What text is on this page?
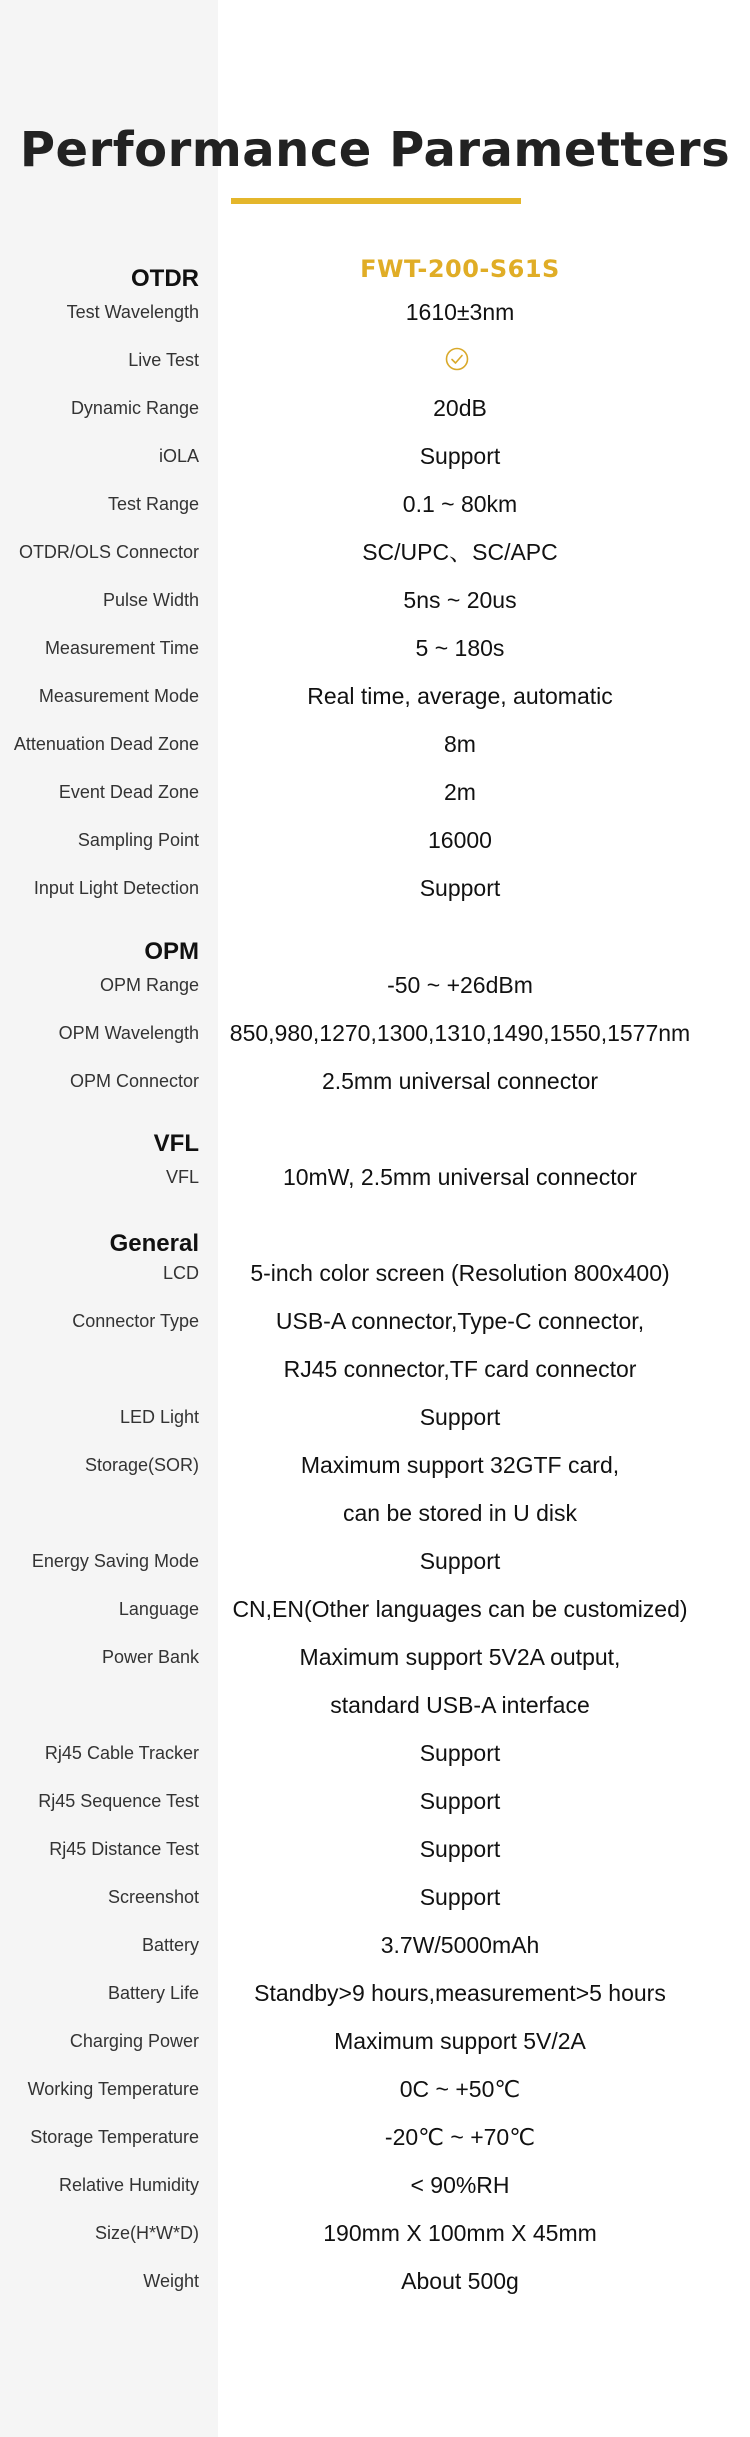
Performance Parametters
FWT-200-S61S
OTDR
OPM
VFL
General
Test Wavelength	1610±3nm
Live Test
Dynamic Range	20dB
iOLA	Support
Test Range	0.1 ~ 80km
OTDR/OLS Connector	SC/UPC、SC/APC
Pulse Width	5ns ~ 20us
Measurement Time	5 ~ 180s
Measurement Mode	Real time, average, automatic
Attenuation Dead Zone	8m
Event Dead Zone	2m
Sampling Point	16000
Input Light Detection	Support
OPM Range	-50 ~ +26dBm
OPM Wavelength	850,980,1270,1300,1310,1490,1550,1577nm
OPM Connector	2.5mm universal connector
VFL	10mW, 2.5mm universal connector
LCD	5-inch color screen (Resolution 800x400)
Connector Type	USB-A connector,Type-C connector,
RJ45 connector,TF card connector
LED Light	Support
Storage(SOR)	Maximum support 32GTF card,
can be stored in U disk
Energy Saving Mode	Support
Language	CN,EN(Other languages can be customized)
Power Bank	Maximum support 5V2A output,
standard USB-A interface
Rj45 Cable Tracker	Support
Rj45 Sequence Test	Support
Rj45 Distance Test	Support
Screenshot	Support
Battery	3.7W/5000mAh
Battery Life	Standby>9 hours,measurement>5 hours
Charging Power	Maximum support 5V/2A
Working Temperature	0C ~ +50℃
Storage Temperature	-20℃ ~ +70℃
Relative Humidity	< 90%RH
Size(H*W*D)	190mm X 100mm X 45mm
Weight	About 500g
